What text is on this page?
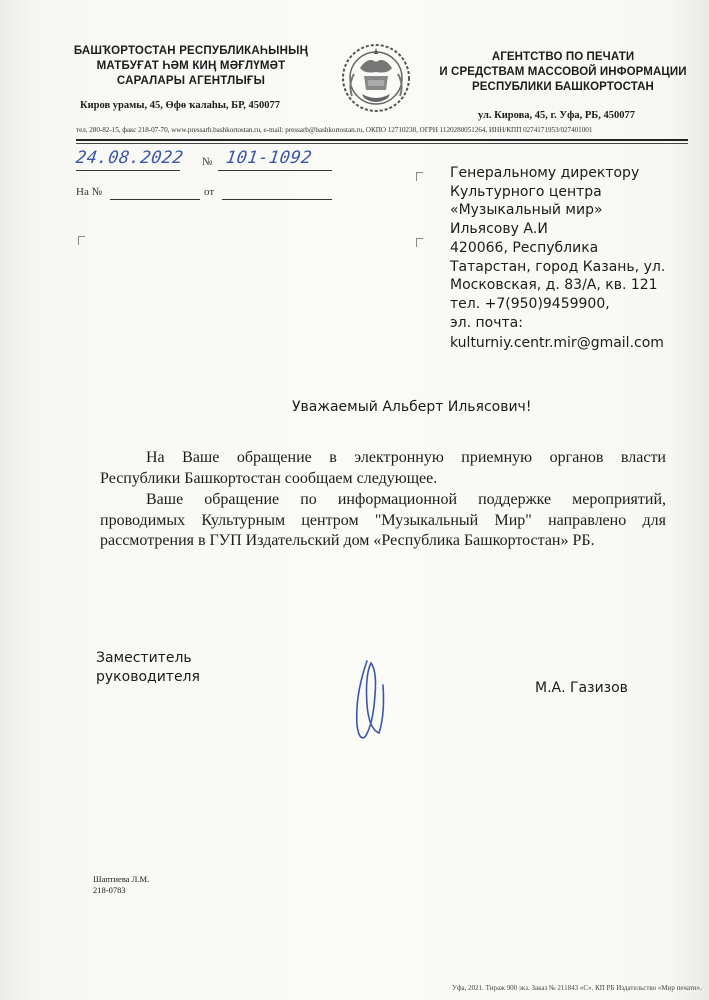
БАШҠОРТОСТАН РЕСПУБЛИКАҺЫНЫҢ
МАТБУҒАТ ҺӘМ КИҢ МӘҒЛҮМӘТ
САРАЛАРЫ АГЕНТЛЫҒЫ
Киров урамы, 45, Өфө ҡалаһы, БР, 450077
АГЕНТСТВО ПО ПЕЧАТИ
И СРЕДСТВАМ МАССОВОЙ ИНФОРМАЦИИ
РЕСПУБЛИКИ БАШКОРТОСТАН
ул. Кирова, 45, г. Уфа, РБ, 450077
тел. 280-82-15, факс 218-07-70, www.pressarb.bashkortostan.ru, e-mail: pressarb@bashkortostan.ru, ОКПО 12710238, ОГРН 1120280051264, ИНН/КПП 0274171953/027401001
24.08.2022 № 101-1092
На №	от
Генеральному директору
Культурного центра
«Музыкальный мир»
Ильясову А.И
420066, Республика
Татарстан, город Казань, ул.
Московская, д. 83/А, кв. 121
тел. +7(950)9459900,
эл. почта:
kulturniy.centr.mir@gmail.com
Уважаемый Альберт Ильясович!
На Ваше обращение в электронную приемную органов власти
Республики Башкортостан сообщаем следующее.
Ваше обращение по информационной поддержке мероприятий,
проводимых Культурным центром "Музыкальный Мир" направлено для
рассмотрения в ГУП Издательский дом «Республика Башкортостан» РБ.
Заместитель
руководителя
М.А. Газизов
Шаптиева Л.М.
218-0783
Уфа, 2021. Тираж 900 экз. Заказ № 211843 «С». КП РБ Издательство «Мир печати».
